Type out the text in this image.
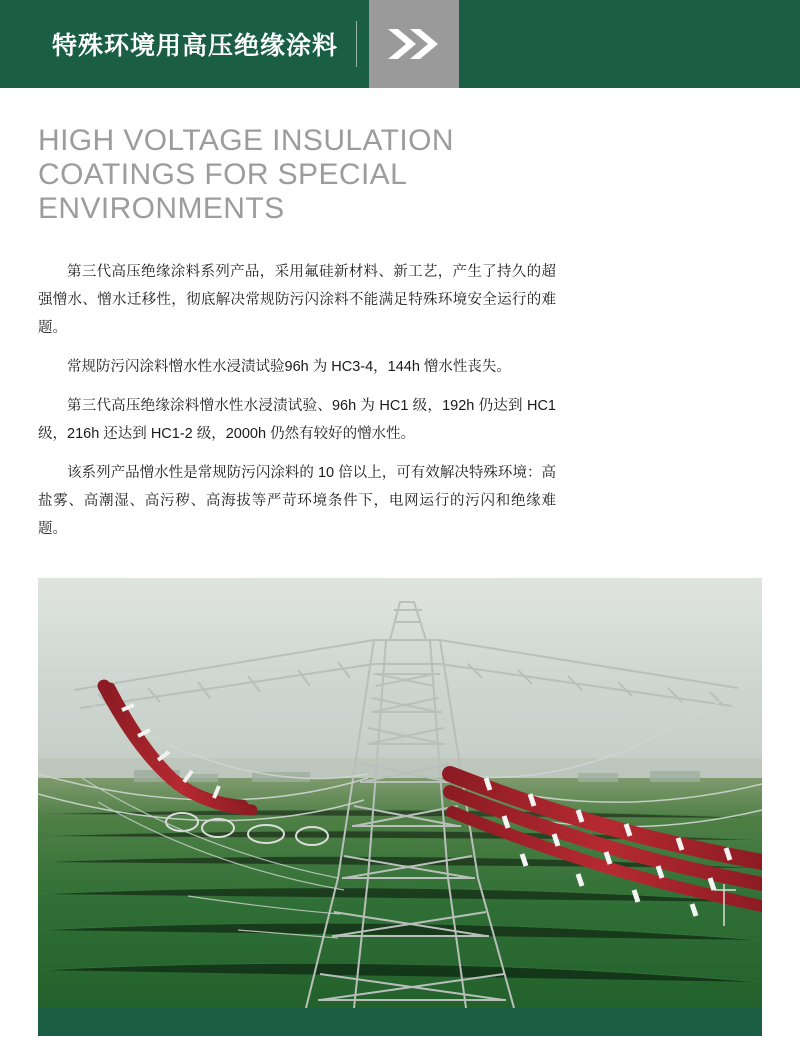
特殊环境用高压绝缘涂料
HIGH VOLTAGE INSULATION COATINGS FOR SPECIAL ENVIRONMENTS

第三代高压绝缘涂料系列产品，采用氟硅新材料、新工艺，产生了持久的超强憎水、憎水迁移性，彻底解决常规防污闪涂料不能满足特殊环境安全运行的难题。

常规防污闪涂料憎水性水浸渍试验96h 为 HC3-4，144h 憎水性丧失。

第三代高压绝缘涂料憎水性水浸渍试验、96h 为 HC1 级，192h 仍达到 HC1 级，216h 还达到 HC1-2 级，2000h 仍然有较好的憎水性。

该系列产品憎水性是常规防污闪涂料的 10 倍以上，可有效解决特殊环境：高盐雾、高潮湿、高污秽、高海拔等严苛环境条件下，电网运行的污闪和绝缘难题。
